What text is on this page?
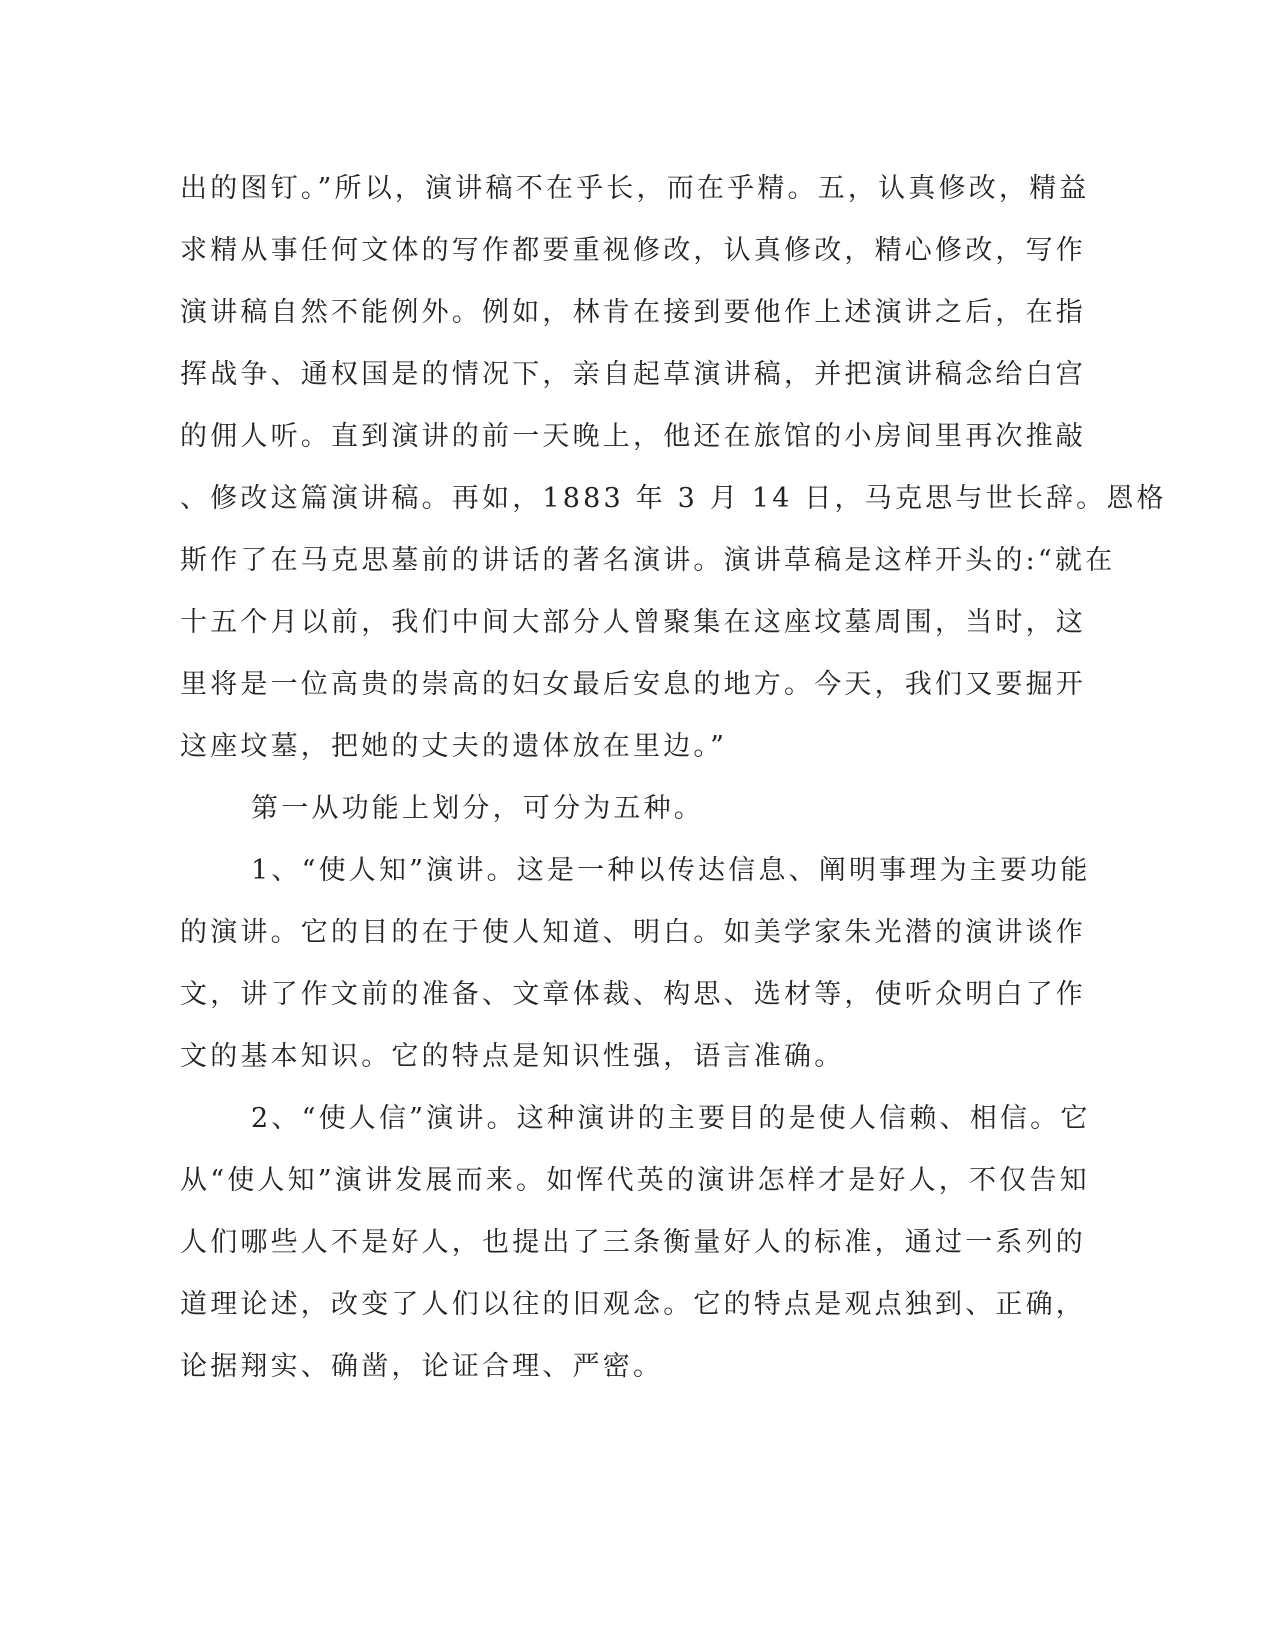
出的图钉。”所以，演讲稿不在乎长，而在乎精。五，认真修改，精益
求精从事任何文体的写作都要重视修改，认真修改，精心修改，写作
演讲稿自然不能例外。例如，林肯在接到要他作上述演讲之后，在指
挥战争、通权国是的情况下，亲自起草演讲稿，并把演讲稿念给白宫
的佣人听。直到演讲的前一天晚上，他还在旅馆的小房间里再次推敲
、修改这篇演讲稿。再如，1883 年 3 月 14 日，马克思与世长辞。恩格
斯作了在马克思墓前的讲话的著名演讲。演讲草稿是这样开头的:“就在
十五个月以前，我们中间大部分人曾聚集在这座坟墓周围，当时，这
里将是一位高贵的崇高的妇女最后安息的地方。今天，我们又要掘开
这座坟墓，把她的丈夫的遗体放在里边。”

第一从功能上划分，可分为五种。

1、“使人知”演讲。这是一种以传达信息、阐明事理为主要功能
的演讲。它的目的在于使人知道、明白。如美学家朱光潜的演讲谈作
文，讲了作文前的准备、文章体裁、构思、选材等，使听众明白了作
文的基本知识。它的特点是知识性强，语言准确。

2、“使人信”演讲。这种演讲的主要目的是使人信赖、相信。它
从“使人知”演讲发展而来。如恽代英的演讲怎样才是好人，不仅告知
人们哪些人不是好人，也提出了三条衡量好人的标准，通过一系列的
道理论述，改变了人们以往的旧观念。它的特点是观点独到、正确，
论据翔实、确凿，论证合理、严密。
